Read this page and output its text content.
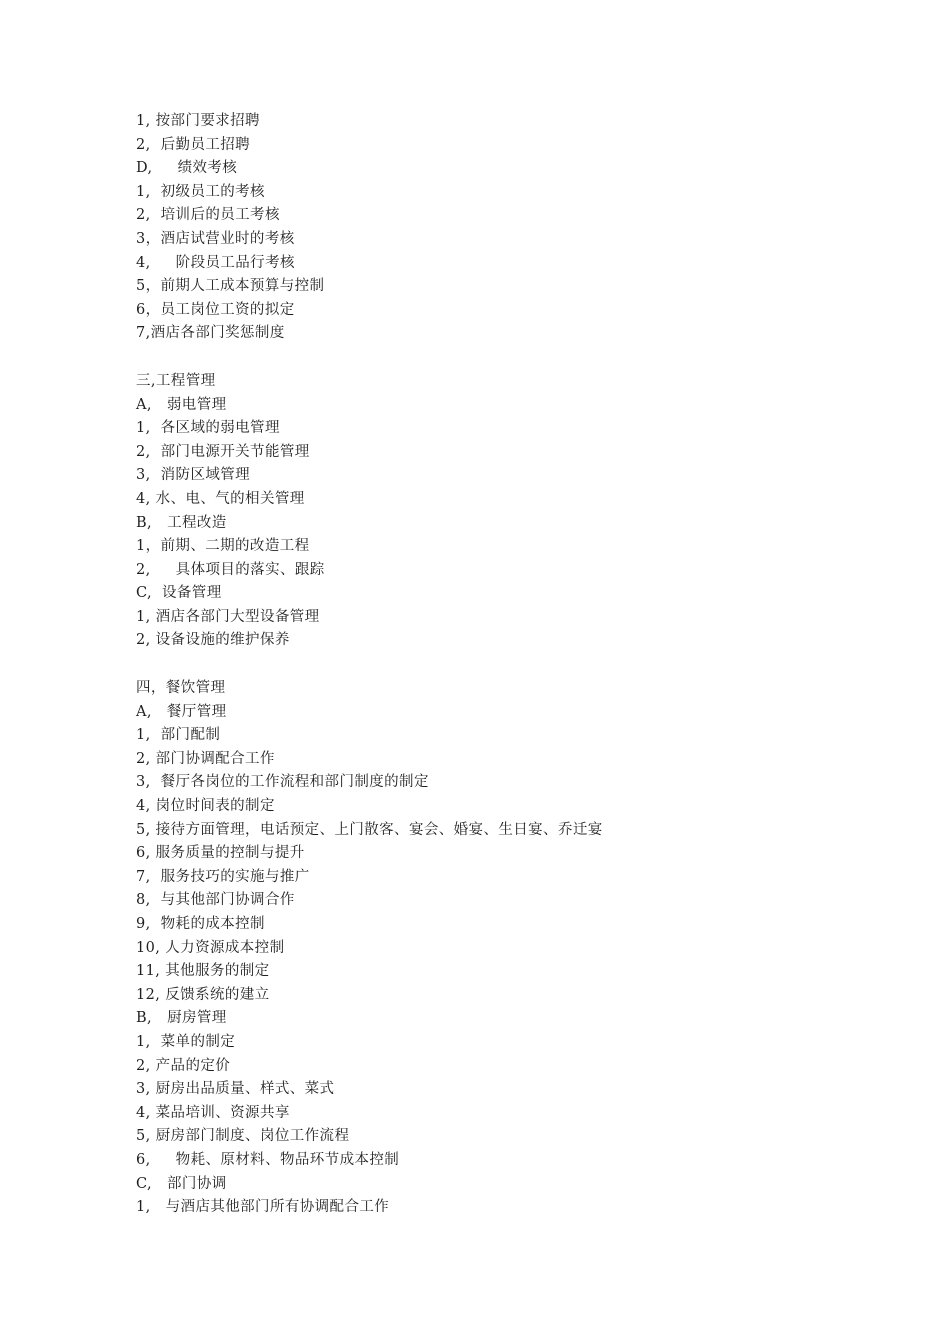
1, 按部门要求招聘
2,  后勤员工招聘
D,     绩效考核
1,  初级员工的考核
2,  培训后的员工考核
3，酒店试营业时的考核
4,     阶段员工品行考核
5，前期人工成本预算与控制
6，员工岗位工资的拟定
7,酒店各部门奖惩制度
三,工程管理
A,   弱电管理
1,  各区域的弱电管理
2,  部门电源开关节能管理
3,  消防区域管理
4, 水、电、气的相关管理
B,   工程改造
1，前期、二期的改造工程
2,     具体项目的落实、跟踪
C,  设备管理
1, 酒店各部门大型设备管理
2, 设备设施的维护保养
四，餐饮管理
A,   餐厅管理
1,  部门配制
2, 部门协调配合工作
3,  餐厅各岗位的工作流程和部门制度的制定
4, 岗位时间表的制定
5, 接待方面管理，电话预定、上门散客、宴会、婚宴、生日宴、乔迁宴
6, 服务质量的控制与提升
7,  服务技巧的实施与推广
8,  与其他部门协调合作
9,  物耗的成本控制
10, 人力资源成本控制
11, 其他服务的制定
12, 反馈系统的建立
B,   厨房管理
1,  菜单的制定
2, 产品的定价
3, 厨房出品质量、样式、菜式
4, 菜品培训、资源共享
5, 厨房部门制度、岗位工作流程
6,     物耗、原材料、物品环节成本控制
C,   部门协调
1,   与酒店其他部门所有协调配合工作
